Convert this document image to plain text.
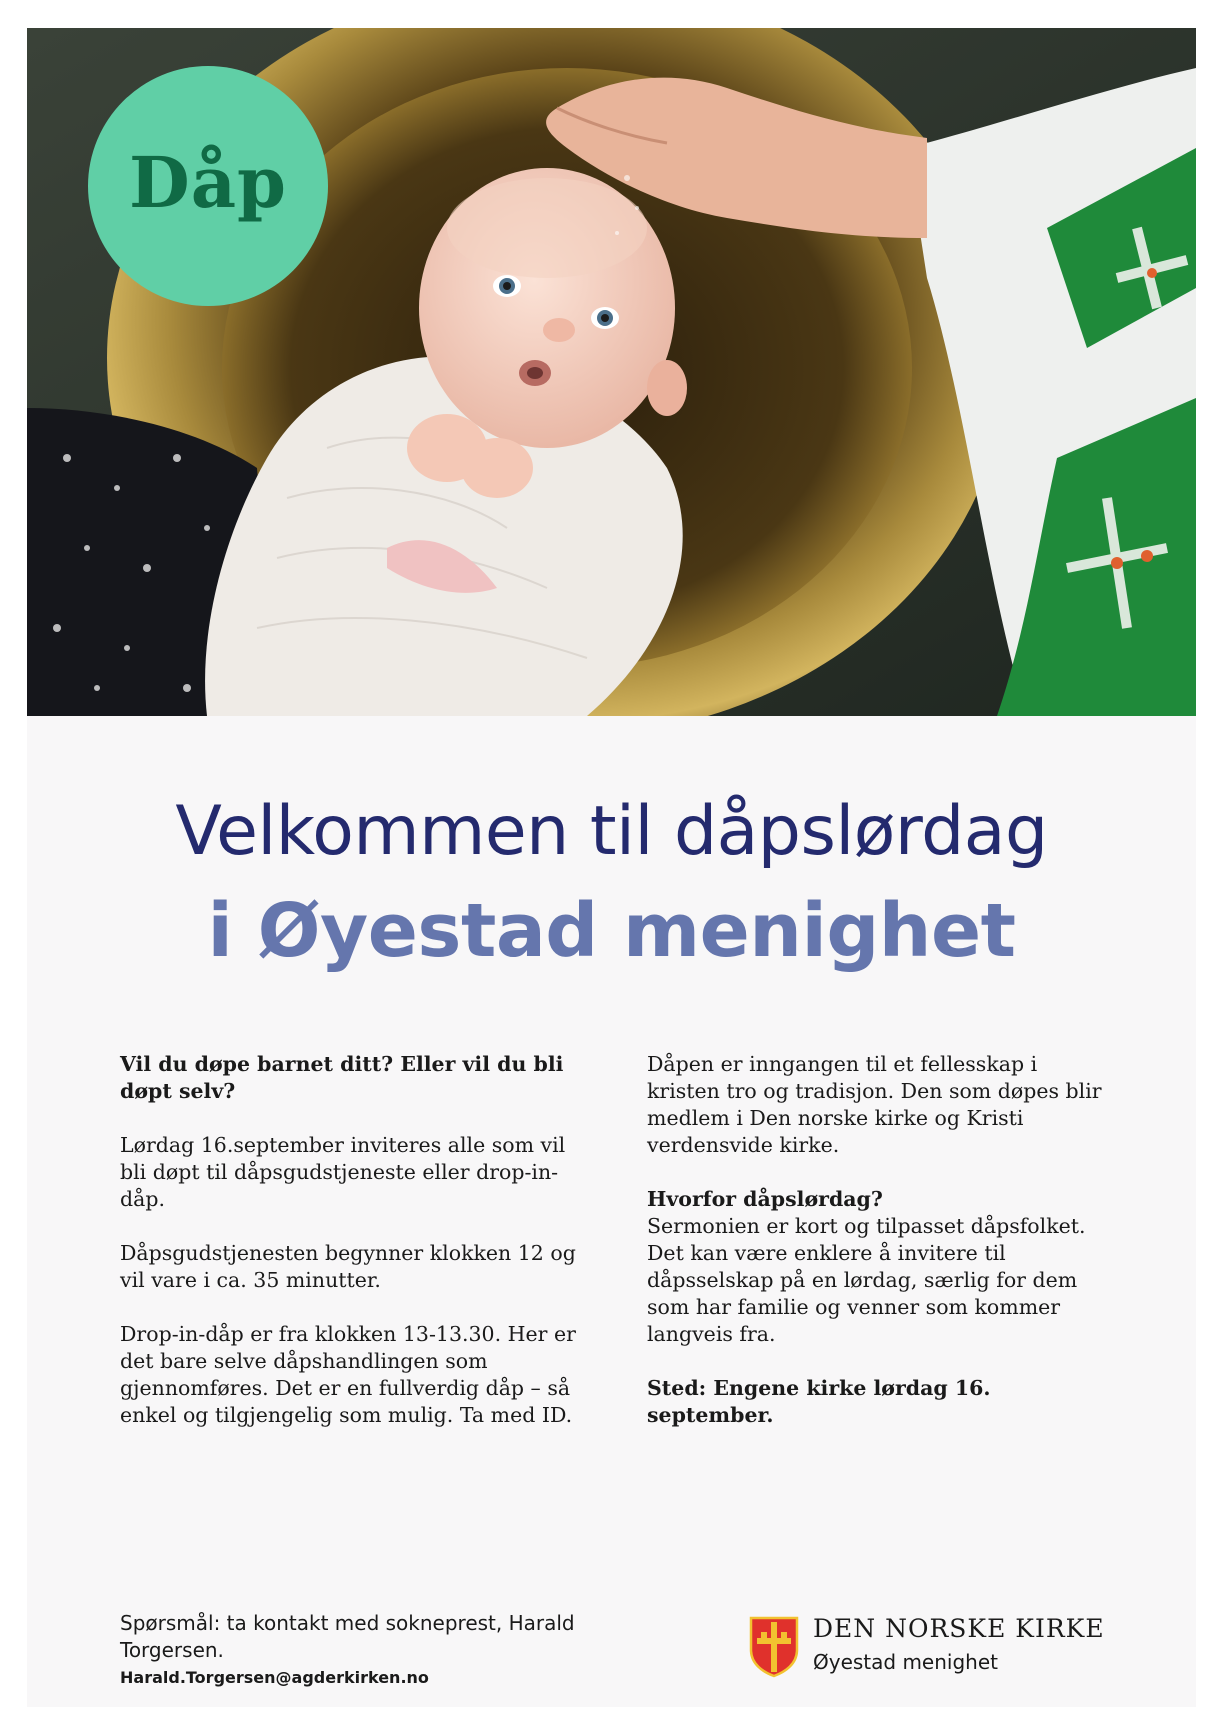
Dåp
Velkommen til dåpslørdag
i Øyestad menighet

Vil du døpe barnet ditt? Eller vil du bli døpt selv?

Lørdag 16.september inviteres alle som vil bli døpt til dåpsgudstjeneste eller drop-in-dåp.

Dåpsgudstjenesten begynner klokken 12 og vil vare i ca. 35 minutter.

Drop-in-dåp er fra klokken 13-13.30. Her er det bare selve dåpshandlingen som gjennomføres. Det er en fullverdig dåp – så enkel og tilgjengelig som mulig. Ta med ID.

Dåpen er inngangen til et fellesskap i kristen tro og tradisjon. Den som døpes blir medlem i Den norske kirke og Kristi verdensvide kirke.

Hvorfor dåpslørdag?
Sermonien er kort og tilpasset dåpsfolket. Det kan være enklere å invitere til dåpsselskap på en lørdag, særlig for dem som har familie og venner som kommer langveis fra.

Sted: Engene kirke lørdag 16. september.

Spørsmål: ta kontakt med sokneprest, Harald Torgersen.
Harald.Torgersen@agderkirken.no
DEN NORSKE KIRKE
Øyestad menighet
